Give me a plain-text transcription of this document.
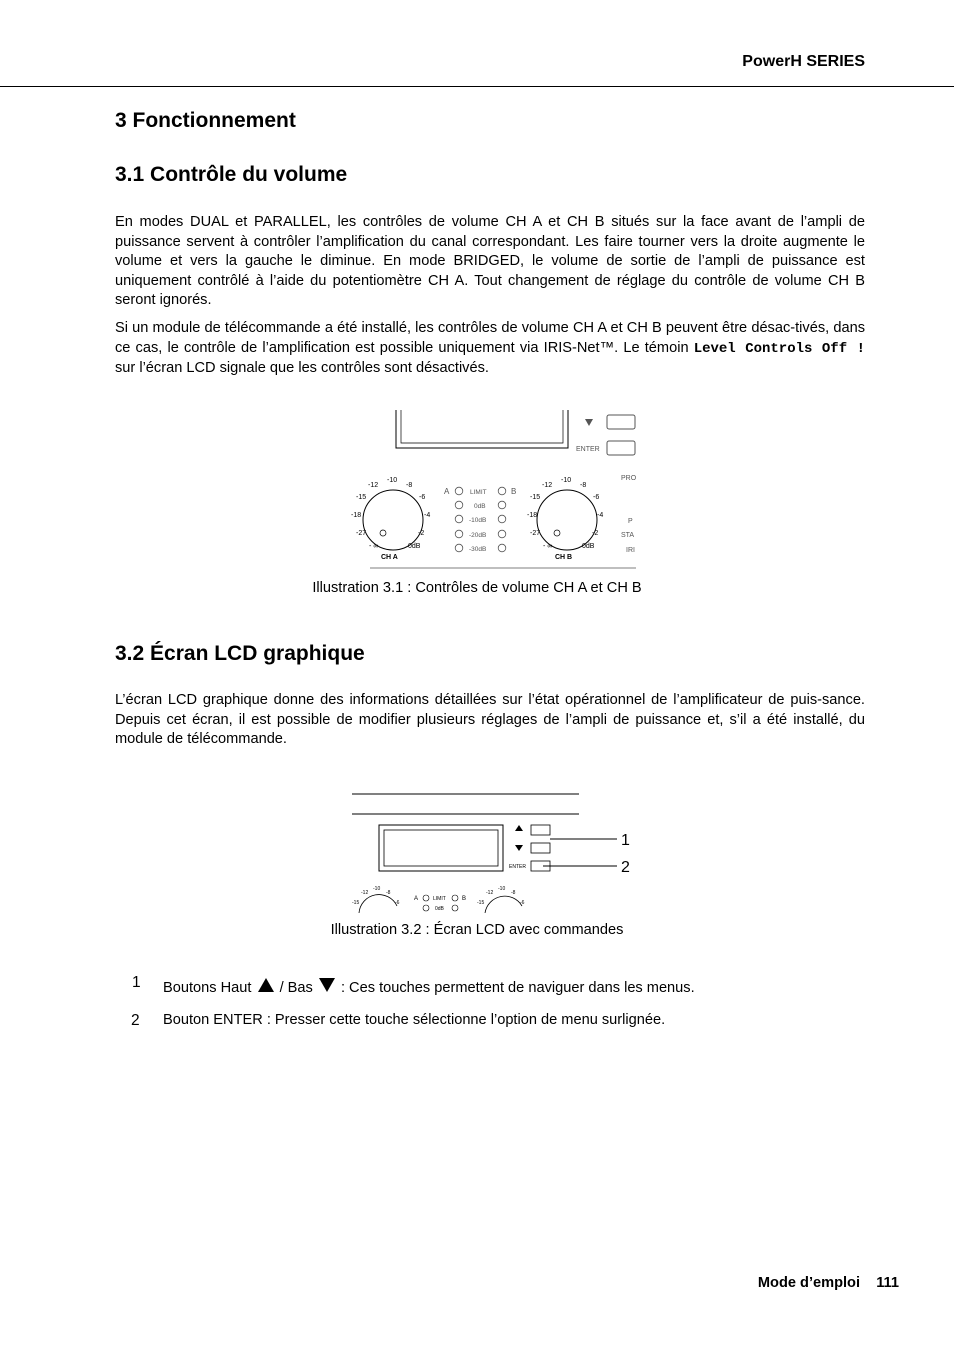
PowerH SERIES
3 Fonctionnement
3.1 Contrôle du volume

En modes DUAL et PARALLEL, les contrôles de volume CH A et CH B situés sur la face avant de l’ampli de puissance servent à contrôler l’amplification du canal correspondant. Les faire tourner vers la droite augmente le volume et vers la gauche le diminue. En mode BRIDGED, le volume de sortie de l’ampli de puissance est uniquement contrôlé à l’aide du potentiomètre CH A. Tout changement de réglage du contrôle de volume CH B seront ignorés.

Si un module de télécommande a été installé, les contrôles de volume CH A et CH B peuvent être désac-tivés, dans ce cas, le contrôle de l’amplification est possible uniquement via IRIS-Net™. Le témoin Level Controls Off ! sur l’écran LCD signale que les contrôles sont désactivés.

ENTER
PRO
P
STA
IRI
-12
-10
-8
-15	-6
-18	-4
-27	-2
- ∞	0dB
CH A
A	B
LIMIT
0dB
-10dB
-20dB
-30dB
-12
-10
-8
-15	-6
-18	-4
-27	-2
- ∞	0dB
CH B
Illustration 3.1 : Contrôles de volume CH A et CH B
3.2 Écran LCD graphique

L’écran LCD graphique donne des informations détaillées sur l’état opérationnel de l’amplificateur de puis-sance. Depuis cet écran, il est possible de modifier plusieurs réglages de l’ampli de puissance et, s’il a été installé, du module de télécommande.

ENTER
1
2
-12
-10
-8
-15	-6
A	LIMIT	B
0dB
-12
-10
-8
-15	-6
Illustration 3.2 : Écran LCD avec commandes
1 Boutons Haut / Bas : Ces touches permettent de naviguer dans les menus.
2 Bouton ENTER : Presser cette touche sélectionne l’option de menu surlignée.
Mode d’emploi 111
